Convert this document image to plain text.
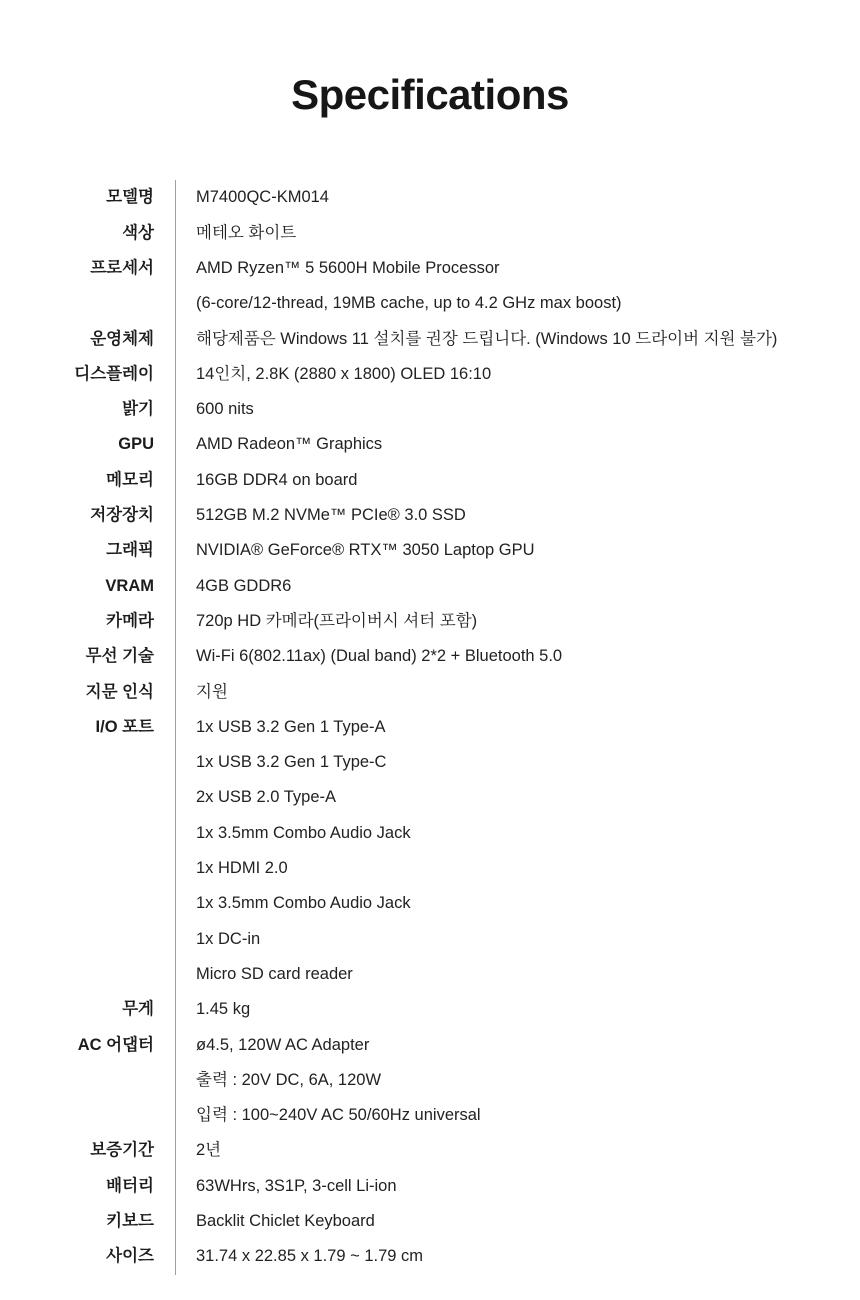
Specifications
모델명	M7400QC-KM014
색상	메테오 화이트
프로세서	AMD Ryzen™ 5 5600H Mobile Processor
(6-core/12-thread, 19MB cache, up to 4.2 GHz max boost)
운영체제	해당제품은 Windows 11 설치를 권장 드립니다. (Windows 10 드라이버 지원 불가)
디스플레이	14인치, 2.8K (2880 x 1800) OLED 16:10
밝기	600 nits
GPU	AMD Radeon™ Graphics
메모리	16GB DDR4 on board
저장장치	512GB M.2 NVMe™ PCIe® 3.0 SSD
그래픽	NVIDIA® GeForce® RTX™ 3050 Laptop GPU
VRAM	4GB GDDR6
카메라	720p HD 카메라(프라이버시 셔터 포함)
무선 기술	Wi-Fi 6(802.11ax) (Dual band) 2*2 + Bluetooth 5.0
지문 인식	지원
I/O 포트	1x USB 3.2 Gen 1 Type-A
1x USB 3.2 Gen 1 Type-C
2x USB 2.0 Type-A
1x 3.5mm Combo Audio Jack
1x HDMI 2.0
1x 3.5mm Combo Audio Jack
1x DC-in
Micro SD card reader
무게	1.45 kg
AC 어댑터	ø4.5, 120W AC Adapter
출력 : 20V DC, 6A, 120W
입력 : 100~240V AC 50/60Hz universal
보증기간	2년
배터리	63WHrs, 3S1P, 3-cell Li-ion
키보드	Backlit Chiclet Keyboard
사이즈	31.74 x 22.85 x 1.79 ~ 1.79 cm
